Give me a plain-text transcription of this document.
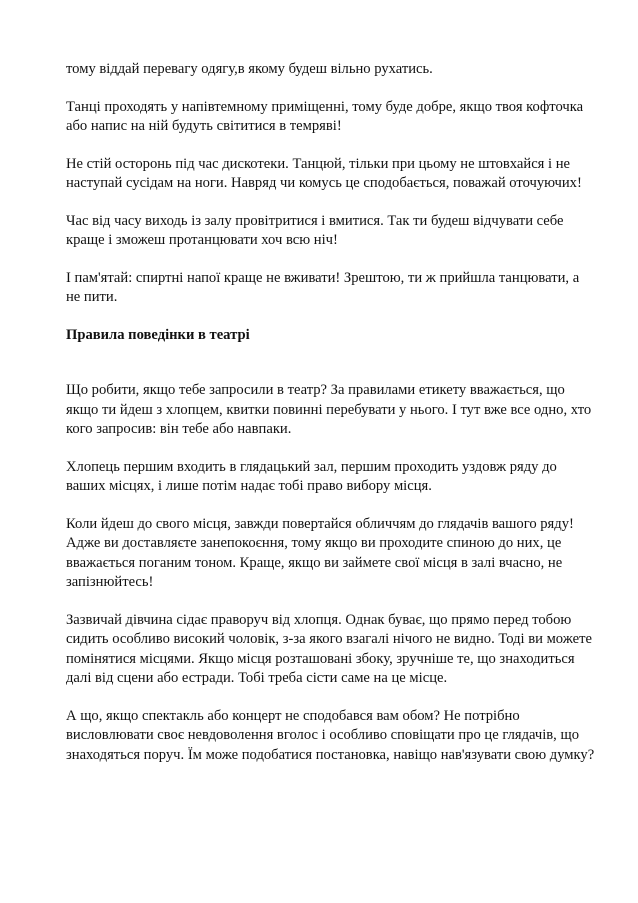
тому віддай перевагу одягу,в якому будеш вільно рухатись.

Танці проходять у напівтемному приміщенні, тому буде добре, якщо твоя кофточка або напис на ній будуть світитися в темряві!

Не стій осторонь під час дискотеки. Танцюй, тільки при цьому не штовхайся і не наступай сусідам на ноги. Навряд чи комусь це сподобається, поважай оточуючих!

Час від часу виходь із залу провітритися і вмитися. Так ти будеш відчувати себе краще і зможеш протанцювати хоч всю ніч!

І пам'ятай: спиртні напої краще не вживати! Зрештою, ти ж прийшла танцювати, а не пити.

Правила поведінки в театрі

Що робити, якщо тебе запросили в театр? За правилами етикету вважається, що якщо ти йдеш з хлопцем, квитки повинні перебувати у нього. І тут вже все одно, хто кого запросив: він тебе або навпаки.

Хлопець першим входить в глядацький зал, першим проходить уздовж ряду до ваших місцях, і лише потім надає тобі право вибору місця.

Коли йдеш до свого місця, завжди повертайся обличчям до глядачів вашого ряду! Адже ви доставляєте занепокоєння, тому якщо ви проходите спиною до них, це вважається поганим тоном. Краще, якщо ви займете свої місця в залі вчасно, не запізнюйтесь!

Зазвичай дівчина сідає праворуч від хлопця. Однак буває, що прямо перед тобою сидить особливо високий чоловік, з-за якого взагалі нічого не видно. Тоді ви можете помінятися місцями. Якщо місця розташовані збоку, зручніше те, що знаходиться далі від сцени або естради. Тобі треба сісти саме на це місце.

А що, якщо спектакль або концерт не сподобався вам обом? Не потрібно висловлювати своє невдоволення вголос і особливо сповіщати про це глядачів, що знаходяться поруч. Їм може подобатися постановка, навіщо нав'язувати свою думку?
